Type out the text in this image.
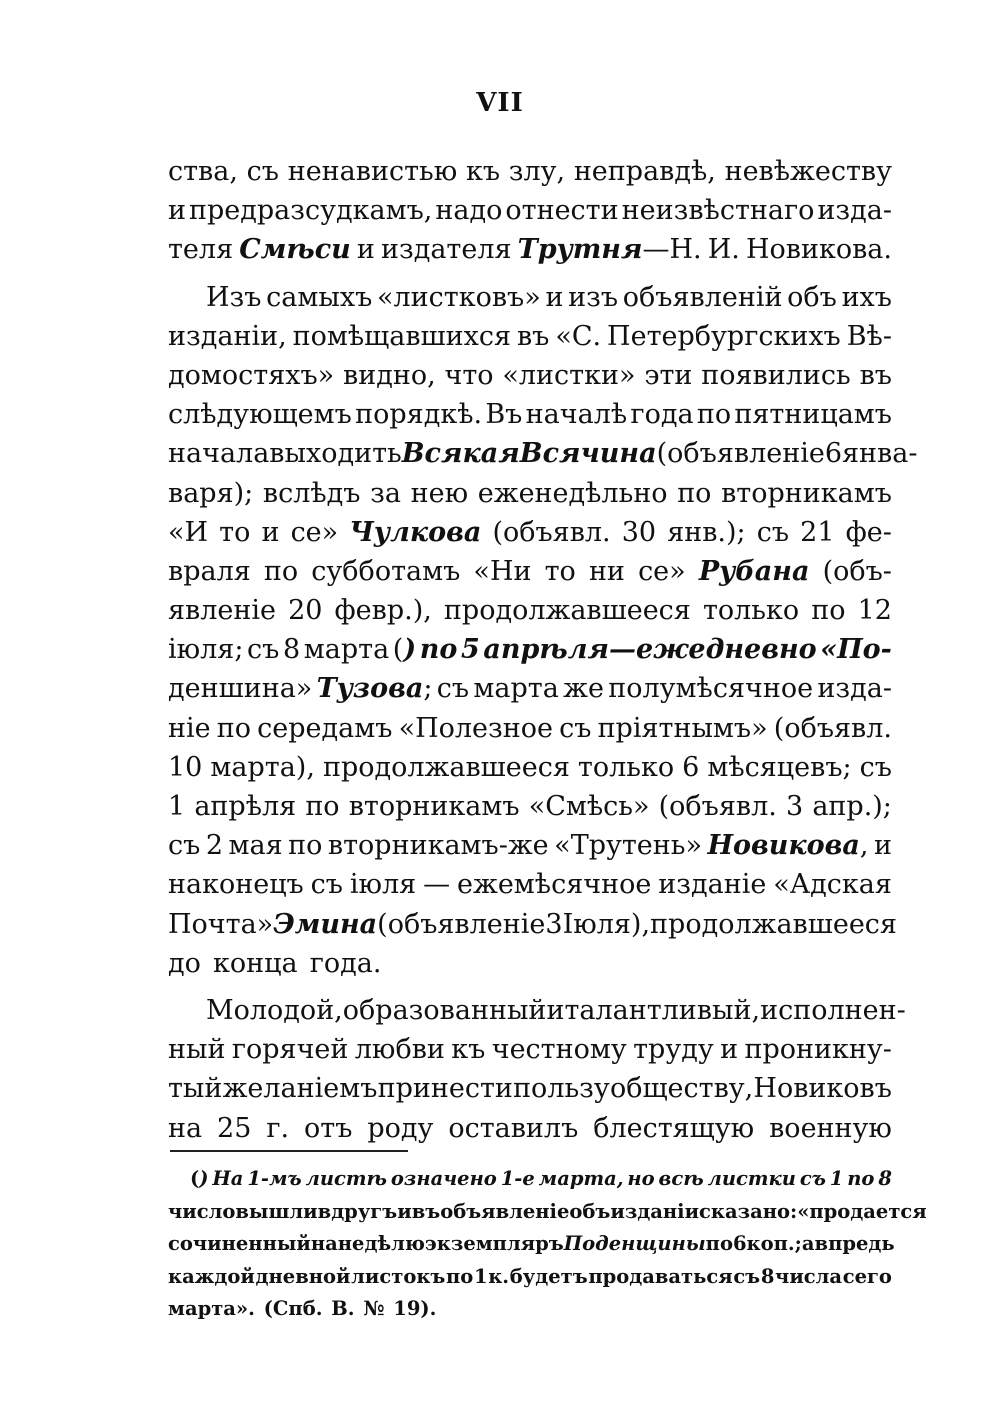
VII
ства, съ ненавистью къ злу, неправдѣ, невѣжеству
и предразсудкамъ, надо отнести неизвѣстнаго изда-
теля Смѣси и издателя Трутня—Н. И. Новикова.
Изъ самыхъ «листковъ» и изъ объявленій объ ихъ
изданіи, помѣщавшихся въ «С. Петербургскихъ Вѣ-
домостяхъ» видно, что «листки» эти появились въ
слѣдующемъ порядкѣ. Въ началѣ года по пятницамъ
начала выходить Всякая Всячина (объявленіе 6 янва-
варя); вслѣдъ за нею еженедѣльно по вторникамъ
«И то и се» Чулкова (объявл. 30 янв.); съ 21 фе-
враля по субботамъ «Ни то ни се» Рубана (объ-
явленіе 20 февр.), продолжавшееся только по 12
іюля; съ 8 марта () по 5 апрѣля—ежедневно «По-
деншина» Тузова; съ марта же полумѣсячное изда-
ніе по середамъ «Полезное съ пріятнымъ» (объявл.
10 марта), продолжавшееся только 6 мѣсяцевъ; съ
1 апрѣля по вторникамъ «Смѣсь» (объявл. 3 апр.);
съ 2 мая по вторникамъ-же «Трутень» Новикова, и
наконецъ съ іюля — ежемѣсячное изданіе «Адская
Почта» Эмина (объявленіе 3 Іюля), продолжавшееся
до конца года.
Молодой, образованный и талантливый, исполнен-
ный горячей любви къ честному труду и проникну-
тый желаніемъ принести пользу обществу, Новиковъ
на 25 г. отъ роду оставилъ блестящую военную
() На 1-мъ листѣ означено 1-е марта, но всѣ листки съ 1 по 8
число вышли вдругъ и въ объявленіе объ изданіи сказано: «продается
сочиненный на недѣлю экземпляръ Поденщины по 6 коп.; а впредь
каждой дневной листокъ по 1 к. будетъ продаваться съ 8 числа сего
марта». (Спб. В. № 19).
